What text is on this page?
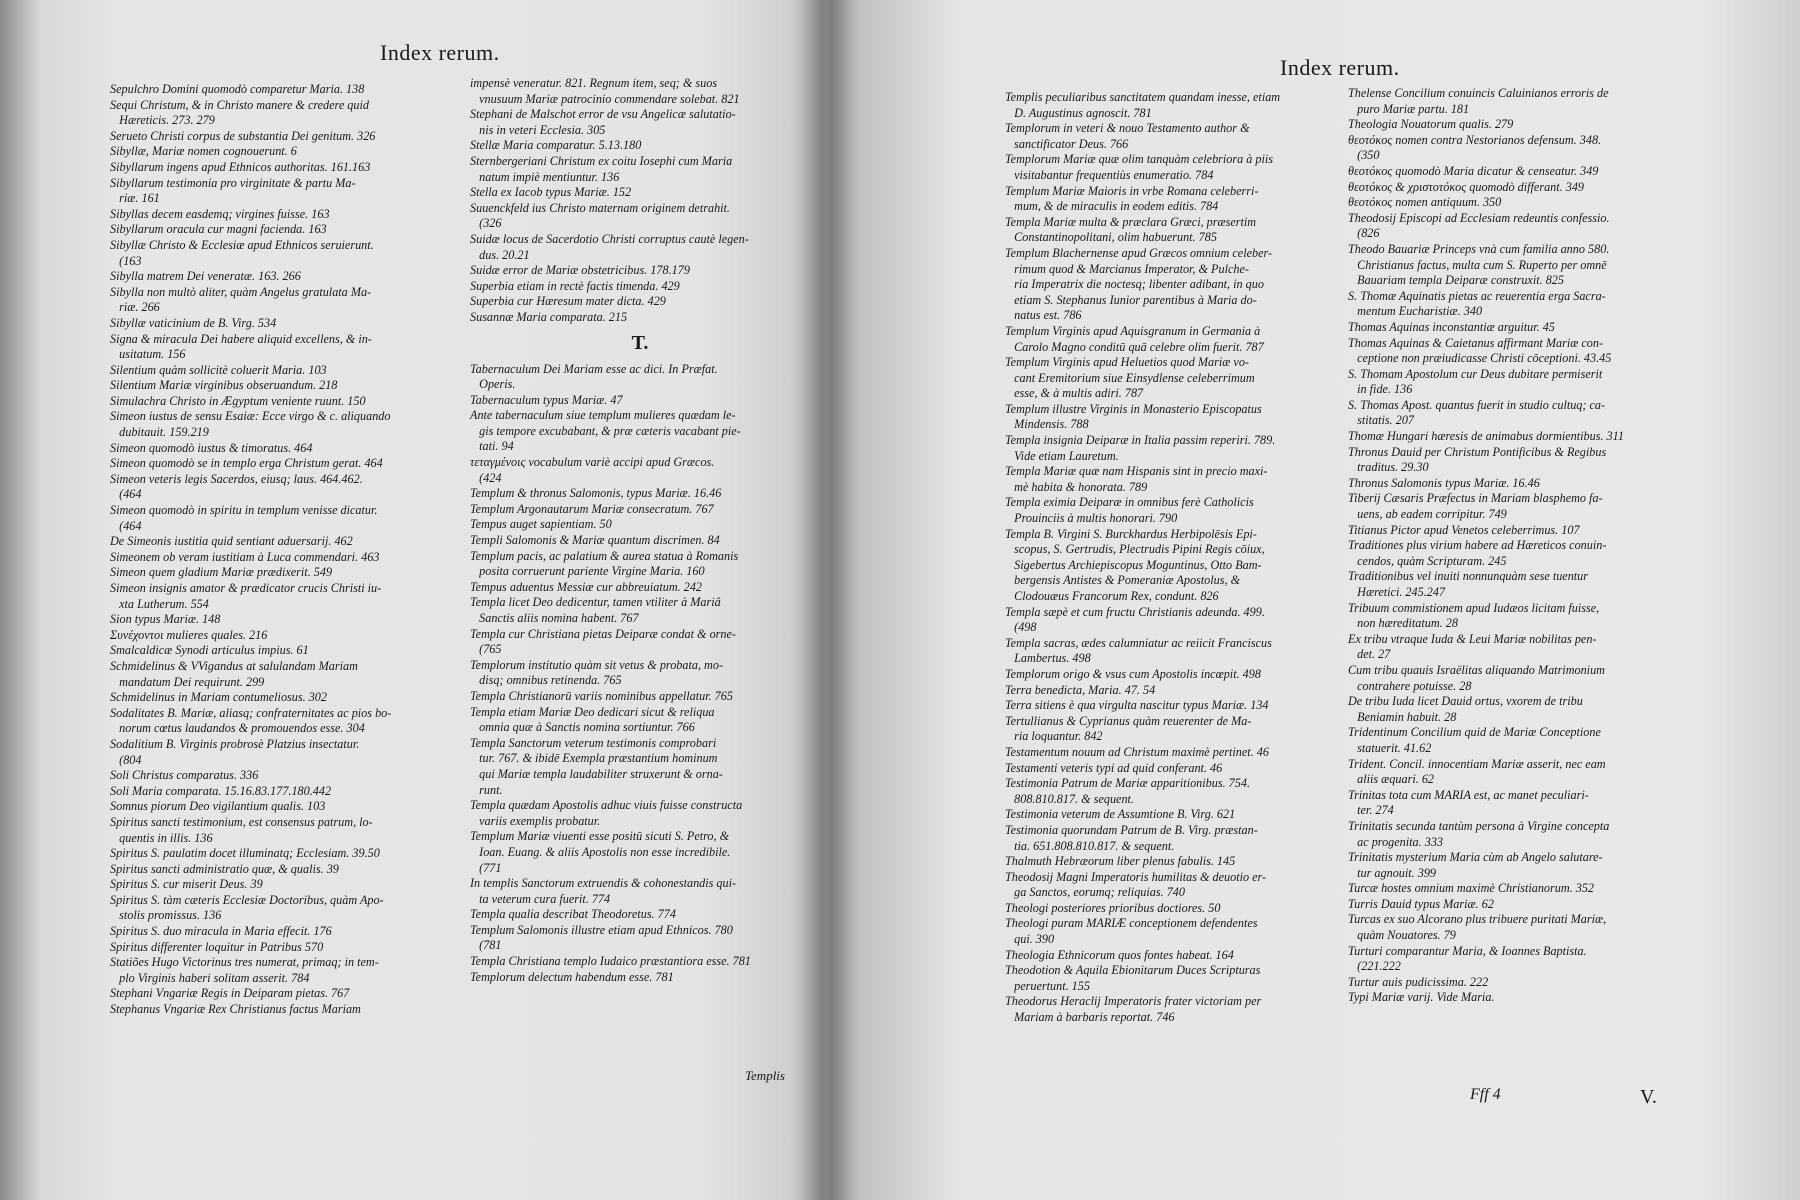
Index rerum.
Sepulchro Domini quomodò comparetur Maria. 138
Sequi Christum, & in Christo manere & credere quid
Hæreticis. 273. 279
Serueto Christi corpus de substantia Dei genitum. 326
Sibyllæ, Mariæ nomen cognouerunt. 6
Sibyllarum ingens apud Ethnicos authoritas. 161.163
Sibyllarum testimonia pro virginitate & partu Ma-
riæ. 161
Sibyllas decem easdemq; virgines fuisse. 163
Sibyllarum oracula cur magni facienda. 163
Sibyllæ Christo & Ecclesiæ apud Ethnicos seruierunt.
(163
Sibylla matrem Dei veneratæ. 163. 266
Sibylla non multò aliter, quàm Angelus gratulata Ma-
riæ. 266
Sibyllæ vaticinium de B. Virg. 534
Signa & miracula Dei habere aliquid excellens, & in-
usitatum. 156
Silentium quàm sollicitè coluerit Maria. 103
Silentium Mariæ virginibus obseruandum. 218
Simulachra Christo in Ægyptum veniente ruunt. 150
Simeon iustus de sensu Esaiæ: Ecce virgo & c. aliquando
dubitauit. 159.219
Simeon quomodò iustus & timoratus. 464
Simeon quomodò se in templo erga Christum gerat. 464
Simeon veteris legis Sacerdos, eiusq; laus. 464.462.
(464
Simeon quomodò in spiritu in templum venisse dicatur.
(464
De Simeonis iustitia quid sentiant aduersarij. 462
Simeonem ob veram iustitiam à Luca commendari. 463
Simeon quem gladium Mariæ prædixerit. 549
Simeon insignis amator & prædicator crucis Christi iu-
xta Lutherum. 554
Sion typus Mariæ. 148
Συνέχοντοι mulieres quales. 216
Smalcaldicæ Synodi articulus impius. 61
Schmidelinus & VVigandus at salulandam Mariam
mandatum Dei requirunt. 299
Schmidelinus in Mariam contumeliosus. 302
Sodalitates B. Mariæ, aliasq; confraternitates ac pios bo-
norum cœtus laudandos & promouendos esse. 304
Sodalitium B. Virginis probrosè Platzius insectatur.
(804
Soli Christus comparatus. 336
Soli Maria comparata. 15.16.83.177.180.442
Somnus piorum Deo vigilantium qualis. 103
Spiritus sancti testimonium, est consensus patrum, lo-
quentis in illis. 136
Spiritus S. paulatim docet illuminatq; Ecclesiam. 39.50
Spiritus sancti administratio quæ, & qualis. 39
Spiritus S. cur miserit Deus. 39
Spiritus S. tàm cæteris Ecclesiæ Doctoribus, quàm Apo-
stolis promissus. 136
Spiritus S. duo miracula in Maria effecit. 176
Spiritus differenter loquitur in Patribus 570
Statiões Hugo Victorinus tres numerat, primaq; in tem-
plo Virginis haberi solitam asserit. 784
Stephani Vngariæ Regis in Deiparam pietas. 767
Stephanus Vngariæ Rex Christianus factus Mariam
impensè veneratur. 821. Regnum item, seq; & suos
vnusuum Mariæ patrocinio commendare solebat. 821
Stephani de Malschot error de vsu Angelicæ salutatio-
nis in veteri Ecclesia. 305
Stellæ Maria comparatur. 5.13.180
Sternbergeriani Christum ex coitu Iosephi cum Maria
natum impiè mentiuntur. 136
Stella ex Iacob typus Mariæ. 152
Suuenckfeld ius Christo maternam originem detrahit.
(326
Suidæ locus de Sacerdotio Christi corruptus cautè legen-
dus. 20.21
Suidæ error de Mariæ obstetricibus. 178.179
Superbia etiam in rectè factis timenda. 429
Superbia cur Hæresum mater dicta. 429
Susannæ Maria comparata. 215
T.
Tabernaculum Dei Mariam esse ac dici. In Præfat.
Operis.
Tabernaculum typus Mariæ. 47
Ante tabernaculum siue templum mulieres quædam le-
gis tempore excubabant, & præ cæteris vacabant pie-
tati. 94
τεταγμένοις vocabulum variè accipi apud Græcos.
(424
Templum & thronus Salomonis, typus Mariæ. 16.46
Templum Argonautarum Mariæ consecratum. 767
Tempus auget sapientiam. 50
Templi Salomonis & Mariæ quantum discrimen. 84
Templum pacis, ac palatium & aurea statua à Romanis
posita corruerunt pariente Virgine Maria. 160
Tempus aduentus Messiæ cur abbreuiatum. 242
Templa licet Deo dedicentur, tamen vtiliter à Mariâ
Sanctis aliis nomina habent. 767
Templa cur Christiana pietas Deiparæ condat & orne-
(765
Templorum institutio quàm sit vetus & probata, mo-
disq; omnibus retinenda. 765
Templa Christianorū variis nominibus appellatur. 765
Templa etiam Mariæ Deo dedicari sicut & reliqua
omnia quæ à Sanctis nomina sortiuntur. 766
Templa Sanctorum veterum testimonis comprobari
tur. 767. & ibidē Exempla præstantium hominum
qui Mariæ templa laudabiliter struxerunt & orna-
runt.
Templa quædam Apostolis adhuc viuis fuisse constructa
variis exemplis probatur.
Templum Mariæ viuenti esse positū sicuti S. Petro, &
Ioan. Euang. & aliis Apostolis non esse incredibile.
(771
In templis Sanctorum extruendis & cohonestandis qui-
ta veterum cura fuerit. 774
Templa qualia describat Theodoretus. 774
Templum Salomonis illustre etiam apud Ethnicos. 780
(781
Templa Christiana templo Iudaico præstantiora esse. 781
Templorum delectum habendum esse. 781
Templis
Index rerum.
Templis peculiaribus sanctitatem quandam inesse, etiam
D. Augustinus agnoscit. 781
Templorum in veteri & nouo Testamento author &
sanctificator Deus. 766
Templorum Mariæ quæ olim tanquàm celebriora à piis
visitabantur frequentiùs enumeratio. 784
Templum Mariæ Maioris in vrbe Romana celeberri-
mum, & de miraculis in eodem editis. 784
Templa Mariæ multa & præclara Græci, præsertim
Constantinopolitani, olim habuerunt. 785
Templum Blachernense apud Græcos omnium celeber-
rimum quod & Marcianus Imperator, & Pulche-
ria Imperatrix die noctesq; libenter adibant, in quo
etiam S. Stephanus Iunior parentibus à Maria do-
natus est. 786
Templum Virginis apud Aquisgranum in Germania à
Carolo Magno conditū quā celebre olim fuerit. 787
Templum Virginis apud Heluetios quod Mariæ vo-
cant Eremitorium siue Einsydlense celeberrimum
esse, & à multis adiri. 787
Templum illustre Virginis in Monasterio Episcopatus
Mindensis. 788
Templa insignia Deiparæ in Italia passim reperiri. 789.
Vide etiam Lauretum.
Templa Mariæ quæ nam Hispanis sint in precio maxi-
mè habita & honorata. 789
Templa eximia Deiparæ in omnibus ferè Catholicis
Prouinciis à multis honorari. 790
Templa B. Virgini S. Burckhardus Herbipolēsis Epi-
scopus, S. Gertrudis, Plectrudis Pipini Regis cōiux,
Sigebertus Archiepiscopus Moguntinus, Otto Bam-
bergensis Antistes & Pomeraniæ Apostolus, &
Clodouæus Francorum Rex, condunt. 826
Templa sæpè et cum fructu Christianis adeunda. 499.
(498
Templa sacras, ædes calumniatur ac reiicit Franciscus
Lambertus. 498
Templorum origo & vsus cum Apostolis incœpit. 498
Terra benedicta, Maria. 47. 54
Terra sitiens è qua virgulta nascitur typus Mariæ. 134
Tertullianus & Cyprianus quàm reuerenter de Ma-
ria loquantur. 842
Testamentum nouum ad Christum maximè pertinet. 46
Testamenti veteris typi ad quid conferant. 46
Testimonia Patrum de Mariæ apparitionibus. 754.
808.810.817. & sequent.
Testimonia veterum de Assumtione B. Virg. 621
Testimonia quorundam Patrum de B. Virg. præstan-
tia. 651.808.810.817. & sequent.
Thalmuth Hebræorum liber plenus fabulis. 145
Theodosij Magni Imperatoris humilitas & deuotio er-
ga Sanctos, eorumq; reliquias. 740
Theologi posteriores prioribus doctiores. 50
Theologi puram MARIÆ conceptionem defendentes
qui. 390
Theologia Ethnicorum quos fontes habeat. 164
Theodotion & Aquila Ebionitarum Duces Scripturas
peruertunt. 155
Theodorus Heraclij Imperatoris frater victoriam per
Mariam à barbaris reportat. 746
Thelense Concilium conuincis Caluinianos erroris de
puro Mariæ partu. 181
Theologia Nouatorum qualis. 279
θεοτόκος nomen contra Nestorianos defensum. 348.
(350
θεοτόκος quomodò Maria dicatur & censeatur. 349
θεοτόκος & χριστοτόκος quomodò differant. 349
θεοτόκος nomen antiquum. 350
Theodosij Episcopi ad Ecclesiam redeuntis confessio.
(826
Theodo Bauariæ Princeps vnà cum familia anno 580.
Christianus factus, multa cum S. Ruperto per omnē
Bauariam templa Deiparæ construxit. 825
S. Thomæ Aquinatis pietas ac reuerentia erga Sacra-
mentum Eucharistiæ. 340
Thomas Aquinas inconstantiæ arguitur. 45
Thomas Aquinas & Caietanus affirmant Mariæ con-
ceptione non præiudicasse Christi cōceptioni. 43.45
S. Thomam Apostolum cur Deus dubitare permiserit
in fide. 136
S. Thomas Apost. quantus fuerit in studio cultuq; ca-
stitatis. 207
Thomæ Hungari hæresis de animabus dormientibus. 311
Thronus Dauid per Christum Pontificibus & Regibus
traditus. 29.30
Thronus Salomonis typus Mariæ. 16.46
Tiberij Cæsaris Præfectus in Mariam blasphemo fa-
uens, ab eadem corripitur. 749
Titianus Pictor apud Venetos celeberrimus. 107
Traditiones plus virium habere ad Hæreticos conuin-
cendos, quàm Scripturam. 245
Traditionibus vel inuiti nonnunquàm sese tuentur
Hæretici. 245.247
Tribuum commistionem apud Iudæos licitam fuisse,
non hæreditatum. 28
Ex tribu vtraque Iuda & Leui Mariæ nobilitas pen-
det. 27
Cum tribu quauis Israëlitas aliquando Matrimonium
contrahere potuisse. 28
De tribu Iuda licet Dauid ortus, vxorem de tribu
Beniamin habuit. 28
Tridentinum Concilium quid de Mariæ Conceptione
statuerit. 41.62
Trident. Concil. innocentiam Mariæ asserit, nec eam
aliis æquari. 62
Trinitas tota cum MARIA est, ac manet peculiari-
ter. 274
Trinitatis secunda tantùm persona à Virgine concepta
ac progenita. 333
Trinitatis mysterium Maria cùm ab Angelo salutare-
tur agnouit. 399
Turcæ hostes omnium maximè Christianorum. 352
Turris Dauid typus Mariæ. 62
Turcas ex suo Alcorano plus tribuere puritati Mariæ,
quàm Nouatores. 79
Turturi comparantur Maria, & Ioannes Baptista.
(221.222
Turtur auis pudicissima. 222
Typi Mariæ varij. Vide Maria.
Fff 4	V.
